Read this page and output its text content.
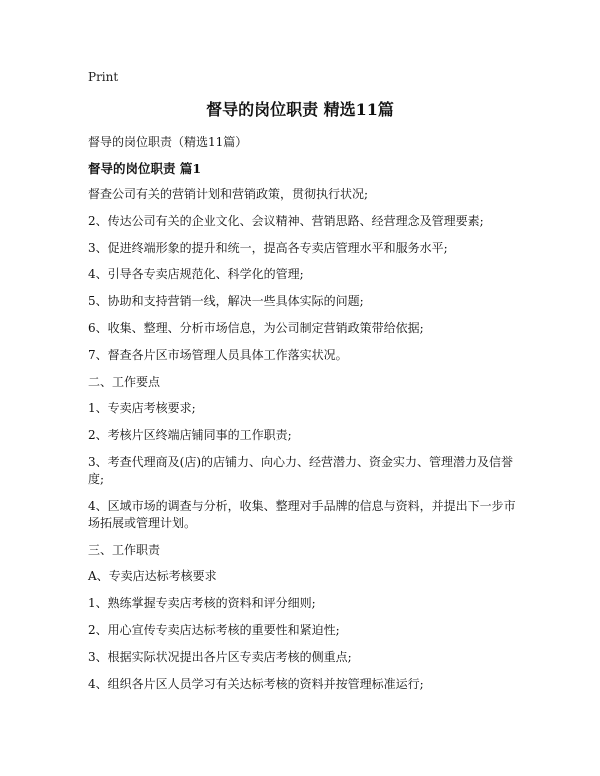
Print
督导的岗位职责 精选11篇
督导的岗位职责（精选11篇）
督导的岗位职责 篇1
督查公司有关的营销计划和营销政策，贯彻执行状况;
2、传达公司有关的企业文化、会议精神、营销思路、经营理念及管理要素;
3、促进终端形象的提升和统一，提高各专卖店管理水平和服务水平;
4、引导各专卖店规范化、科学化的管理;
5、协助和支持营销一线，解决一些具体实际的问题;
6、收集、整理、分析市场信息，为公司制定营销政策带给依据;
7、督查各片区市场管理人员具体工作落实状况。
二、工作要点
1、专卖店考核要求;
2、考核片区终端店铺同事的工作职责;
3、考查代理商及(店)的店铺力、向心力、经营潜力、资金实力、管理潜力及信誉度;
4、区域市场的调查与分析，收集、整理对手品牌的信息与资料，并提出下一步市场拓展或管理计划。
三、工作职责
A、专卖店达标考核要求
1、熟练掌握专卖店考核的资料和评分细则;
2、用心宣传专卖店达标考核的重要性和紧迫性;
3、根据实际状况提出各片区专卖店考核的侧重点;
4、组织各片区人员学习有关达标考核的资料并按管理标准运行;
